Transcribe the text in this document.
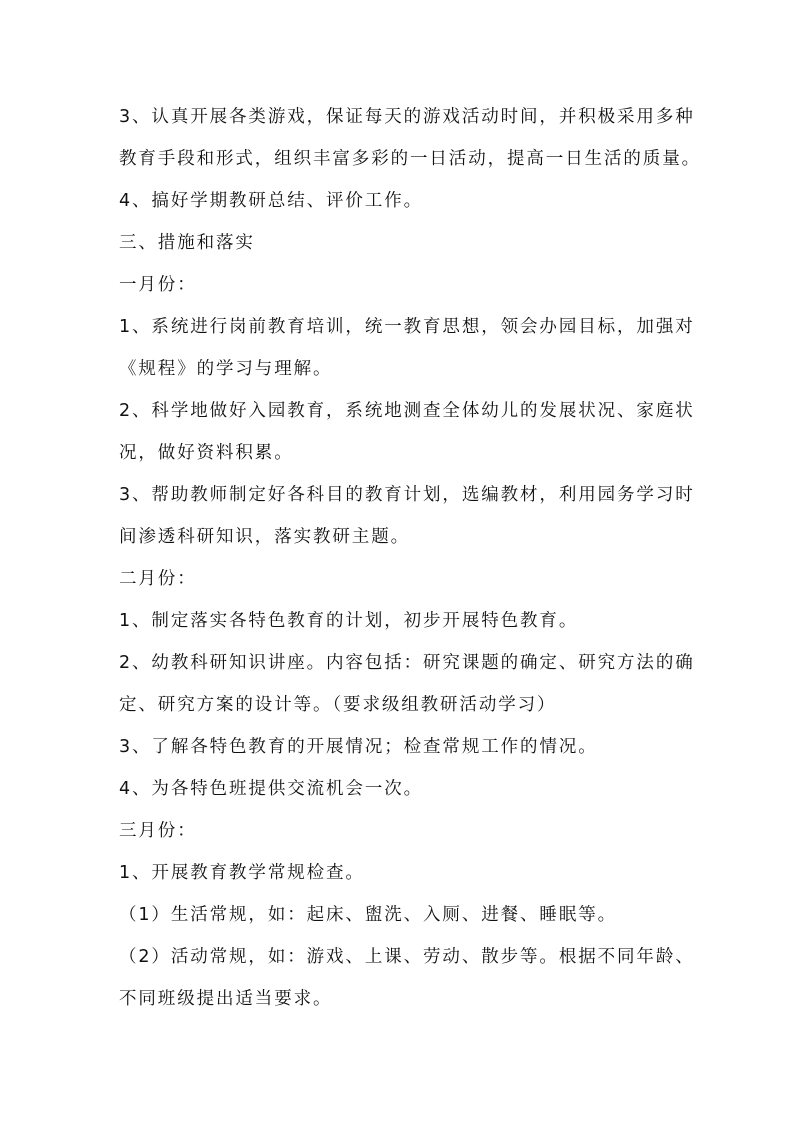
3、认真开展各类游戏，保证每天的游戏活动时间，并积极采用多种
教育手段和形式，组织丰富多彩的一日活动，提高一日生活的质量。
4、搞好学期教研总结、评价工作。
三、措施和落实
一月份：
1、系统进行岗前教育培训，统一教育思想，领会办园目标，加强对
《规程》的学习与理解。
2、科学地做好入园教育，系统地测查全体幼儿的发展状况、家庭状
况，做好资料积累。
3、帮助教师制定好各科目的教育计划，选编教材，利用园务学习时
间渗透科研知识，落实教研主题。
二月份：
1、制定落实各特色教育的计划，初步开展特色教育。
2、幼教科研知识讲座。内容包括：研究课题的确定、研究方法的确
定、研究方案的设计等。（要求级组教研活动学习）
3、了解各特色教育的开展情况；检查常规工作的情况。
4、为各特色班提供交流机会一次。
三月份：
1、开展教育教学常规检查。
（1）生活常规，如：起床、盥洗、入厕、进餐、睡眠等。
（2）活动常规，如：游戏、上课、劳动、散步等。根据不同年龄、
不同班级提出适当要求。
